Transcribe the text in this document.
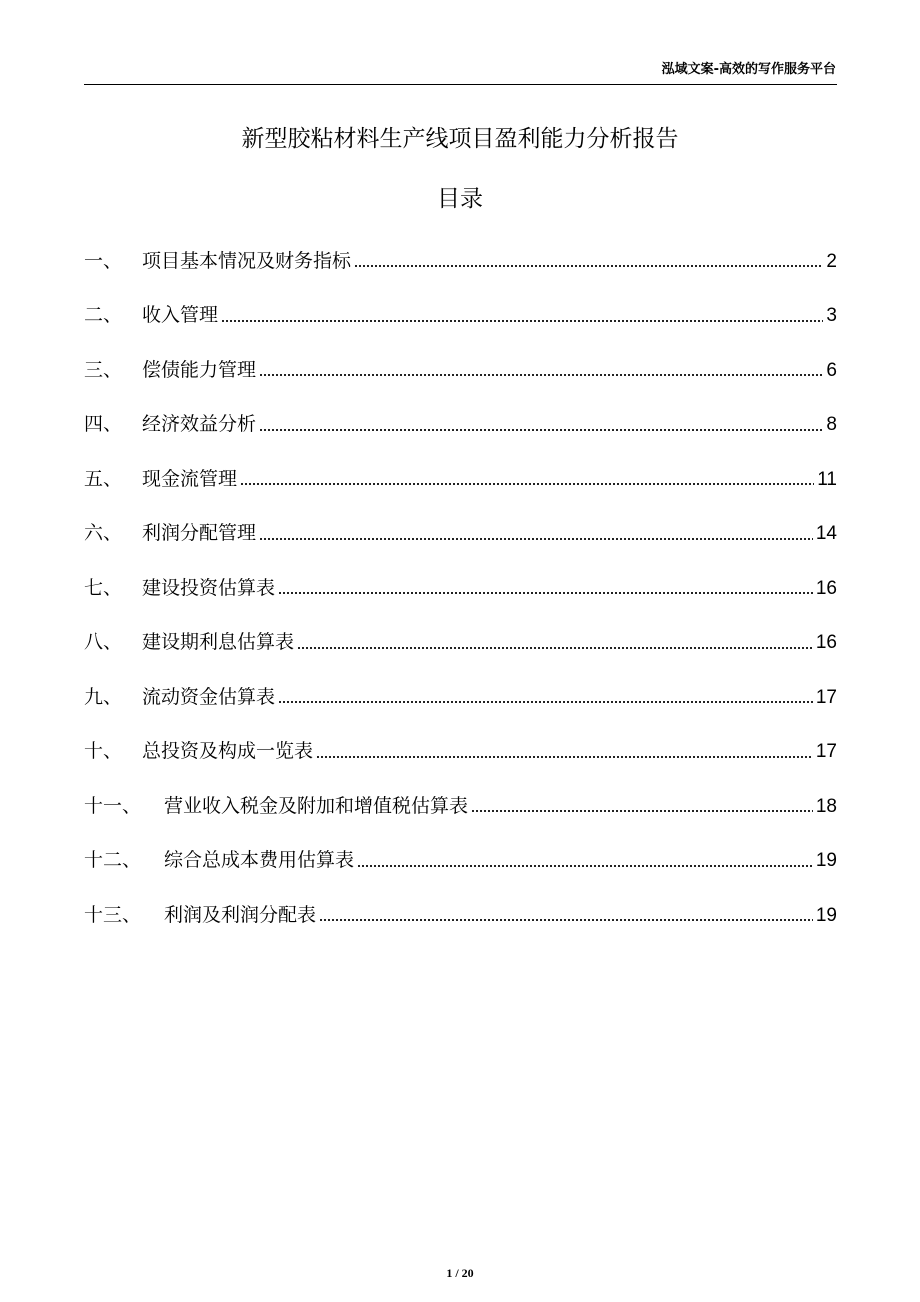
泓域文案-高效的写作服务平台
新型胶粘材料生产线项目盈利能力分析报告
目录
一、	项目基本情况及财务指标	2
二、	收入管理	3
三、	偿债能力管理	6
四、	经济效益分析	8
五、	现金流管理	11
六、	利润分配管理	14
七、	建设投资估算表	16
八、	建设期利息估算表	16
九、	流动资金估算表	17
十、	总投资及构成一览表	17
十一、	营业收入税金及附加和增值税估算表	18
十二、	综合总成本费用估算表	19
十三、	利润及利润分配表	19
1 / 20
